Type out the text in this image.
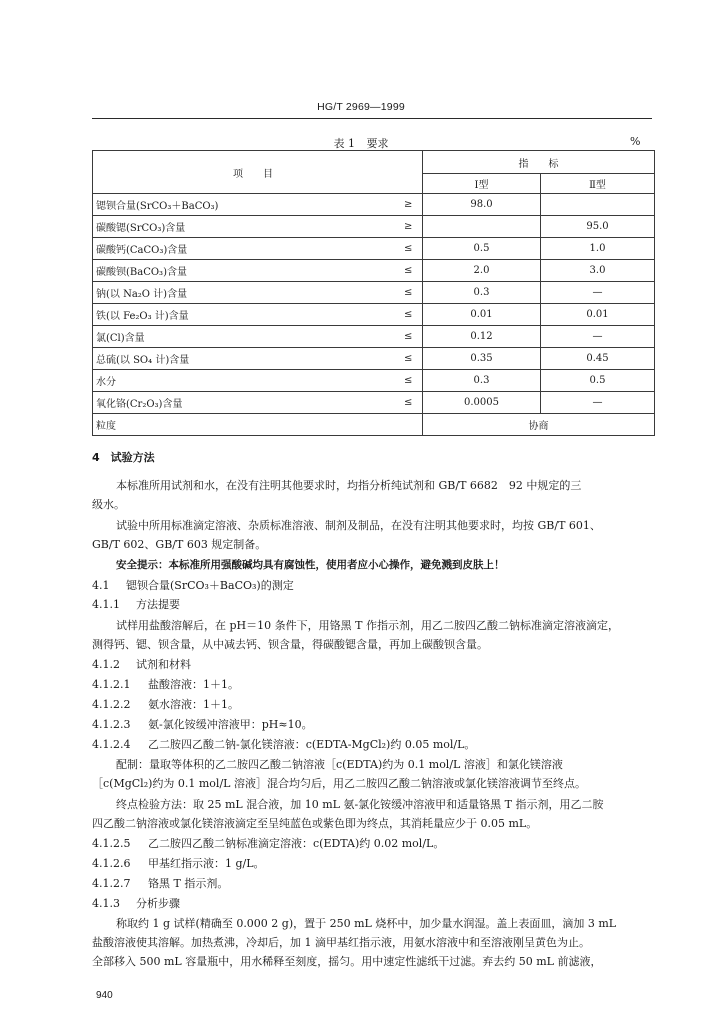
HG/T 2969—1999
表 1 要求	%
项　　目		指　　标	
		Ⅰ型	Ⅱ型
锶钡合量(SrCO₃＋BaCO₃)	≥	98.0	
碳酸锶(SrCO₃)含量	≥		95.0
碳酸钙(CaCO₃)含量	≤	0.5	1.0
碳酸钡(BaCO₃)含量	≤	2.0	3.0
钠(以 Na₂O 计)含量	≤	0.3	—
铁(以 Fe₂O₃ 计)含量	≤	0.01	0.01
氯(Cl)含量	≤	0.12	—
总硫(以 SO₄ 计)含量	≤	0.35	0.45
水分	≤	0.3	0.5
氧化铬(Cr₂O₃)含量	≤	0.0005	—
粒度		协商	
4　试验方法
本标准所用试剂和水，在没有注明其他要求时，均指分析纯试剂和 GB/T 6682　92 中规定的三
级水。
试验中所用标准滴定溶液、杂质标准溶液、制剂及制品，在没有注明其他要求时，均按 GB/T 601、
GB/T 602、GB/T 603 规定制备。
安全提示：本标准所用强酸碱均具有腐蚀性，使用者应小心操作，避免溅到皮肤上！
4.1 锶钡合量(SrCO₃＋BaCO₃)的测定
4.1.1 方法提要
试样用盐酸溶解后，在 pH＝10 条件下，用铬黑 T 作指示剂，用乙二胺四乙酸二钠标准滴定溶液滴定，
测得钙、锶、钡含量，从中减去钙、钡含量，得碳酸锶含量，再加上碳酸钡含量。
4.1.2 试剂和材料
4.1.2.1 盐酸溶液：1＋1。
4.1.2.2 氨水溶液：1＋1。
4.1.2.3 氨-氯化铵缓冲溶液甲：pH≈10。
4.1.2.4 乙二胺四乙酸二钠-氯化镁溶液：c(EDTA-MgCl₂)约 0.05 mol/L。
配制：量取等体积的乙二胺四乙酸二钠溶液［c(EDTA)约为 0.1 mol/L 溶液］和氯化镁溶液
［c(MgCl₂)约为 0.1 mol/L 溶液］混合均匀后，用乙二胺四乙酸二钠溶液或氯化镁溶液调节至终点。
终点检验方法：取 25 mL 混合液，加 10 mL 氨-氯化铵缓冲溶液甲和适量铬黑 T 指示剂，用乙二胺
四乙酸二钠溶液或氯化镁溶液滴定至呈纯蓝色或紫色即为终点，其消耗量应少于 0.05 mL。
4.1.2.5 乙二胺四乙酸二钠标准滴定溶液：c(EDTA)约 0.02 mol/L。
4.1.2.6 甲基红指示液：1 g/L。
4.1.2.7 铬黑 T 指示剂。
4.1.3 分析步骤
称取约 1 g 试样(精确至 0.000 2 g)，置于 250 mL 烧杯中，加少量水润湿。盖上表面皿，滴加 3 mL
盐酸溶液使其溶解。加热煮沸，冷却后，加 1 滴甲基红指示液，用氨水溶液中和至溶液刚呈黄色为止。
全部移入 500 mL 容量瓶中，用水稀释至刻度，摇匀。用中速定性滤纸干过滤。弃去约 50 mL 前滤液，
940
